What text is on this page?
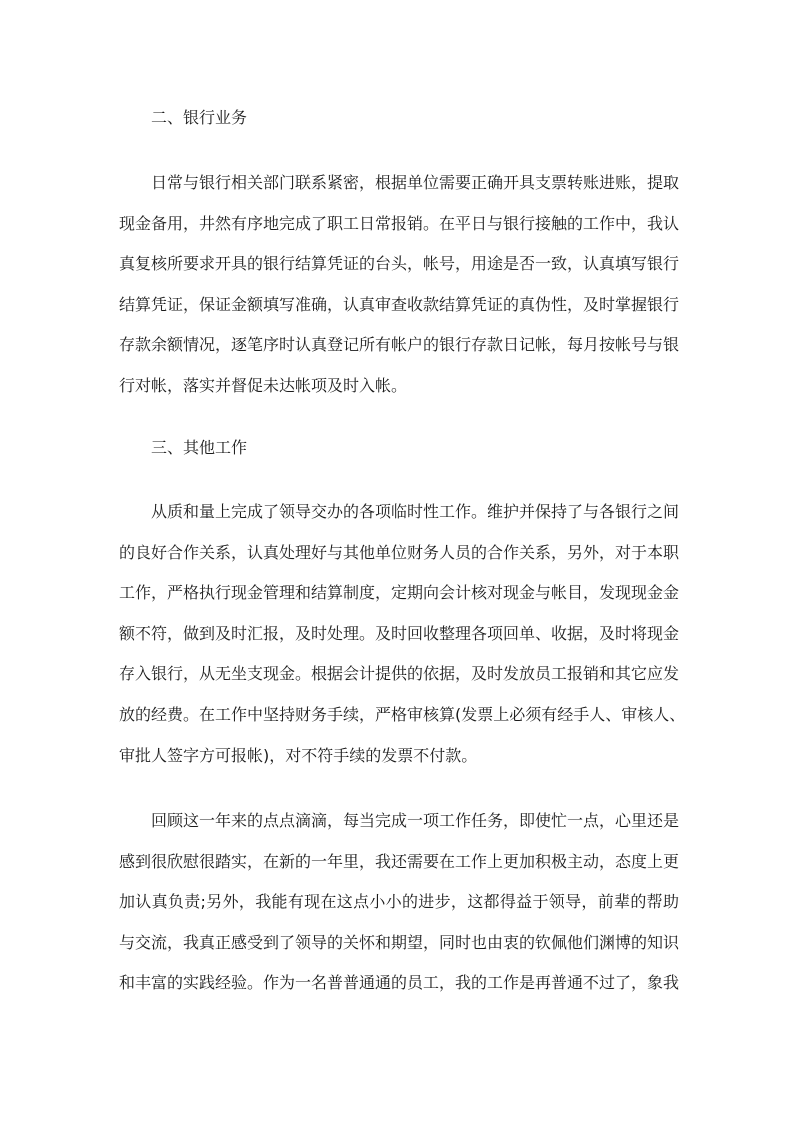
二、银行业务
日常与银行相关部门联系紧密，根据单位需要正确开具支票转账进账，提取
现金备用，井然有序地完成了职工日常报销。在平日与银行接触的工作中，我认
真复核所要求开具的银行结算凭证的台头，帐号，用途是否一致，认真填写银行
结算凭证，保证金额填写准确，认真审查收款结算凭证的真伪性，及时掌握银行
存款余额情况，逐笔序时认真登记所有帐户的银行存款日记帐，每月按帐号与银
行对帐，落实并督促未达帐项及时入帐。
三、其他工作
从质和量上完成了领导交办的各项临时性工作。维护并保持了与各银行之间
的良好合作关系，认真处理好与其他单位财务人员的合作关系，另外，对于本职
工作，严格执行现金管理和结算制度，定期向会计核对现金与帐目，发现现金金
额不符，做到及时汇报，及时处理。及时回收整理各项回单、收据，及时将现金
存入银行，从无坐支现金。根据会计提供的依据，及时发放员工报销和其它应发
放的经费。在工作中坚持财务手续，严格审核算(发票上必须有经手人、审核人、
审批人签字方可报帐)，对不符手续的发票不付款。
回顾这一年来的点点滴滴，每当完成一项工作任务，即使忙一点，心里还是
感到很欣慰很踏实，在新的一年里，我还需要在工作上更加积极主动，态度上更
加认真负责;另外，我能有现在这点小小的进步，这都得益于领导，前辈的帮助
与交流，我真正感受到了领导的关怀和期望，同时也由衷的钦佩他们渊博的知识
和丰富的实践经验。作为一名普普通通的员工，我的工作是再普通不过了，象我
